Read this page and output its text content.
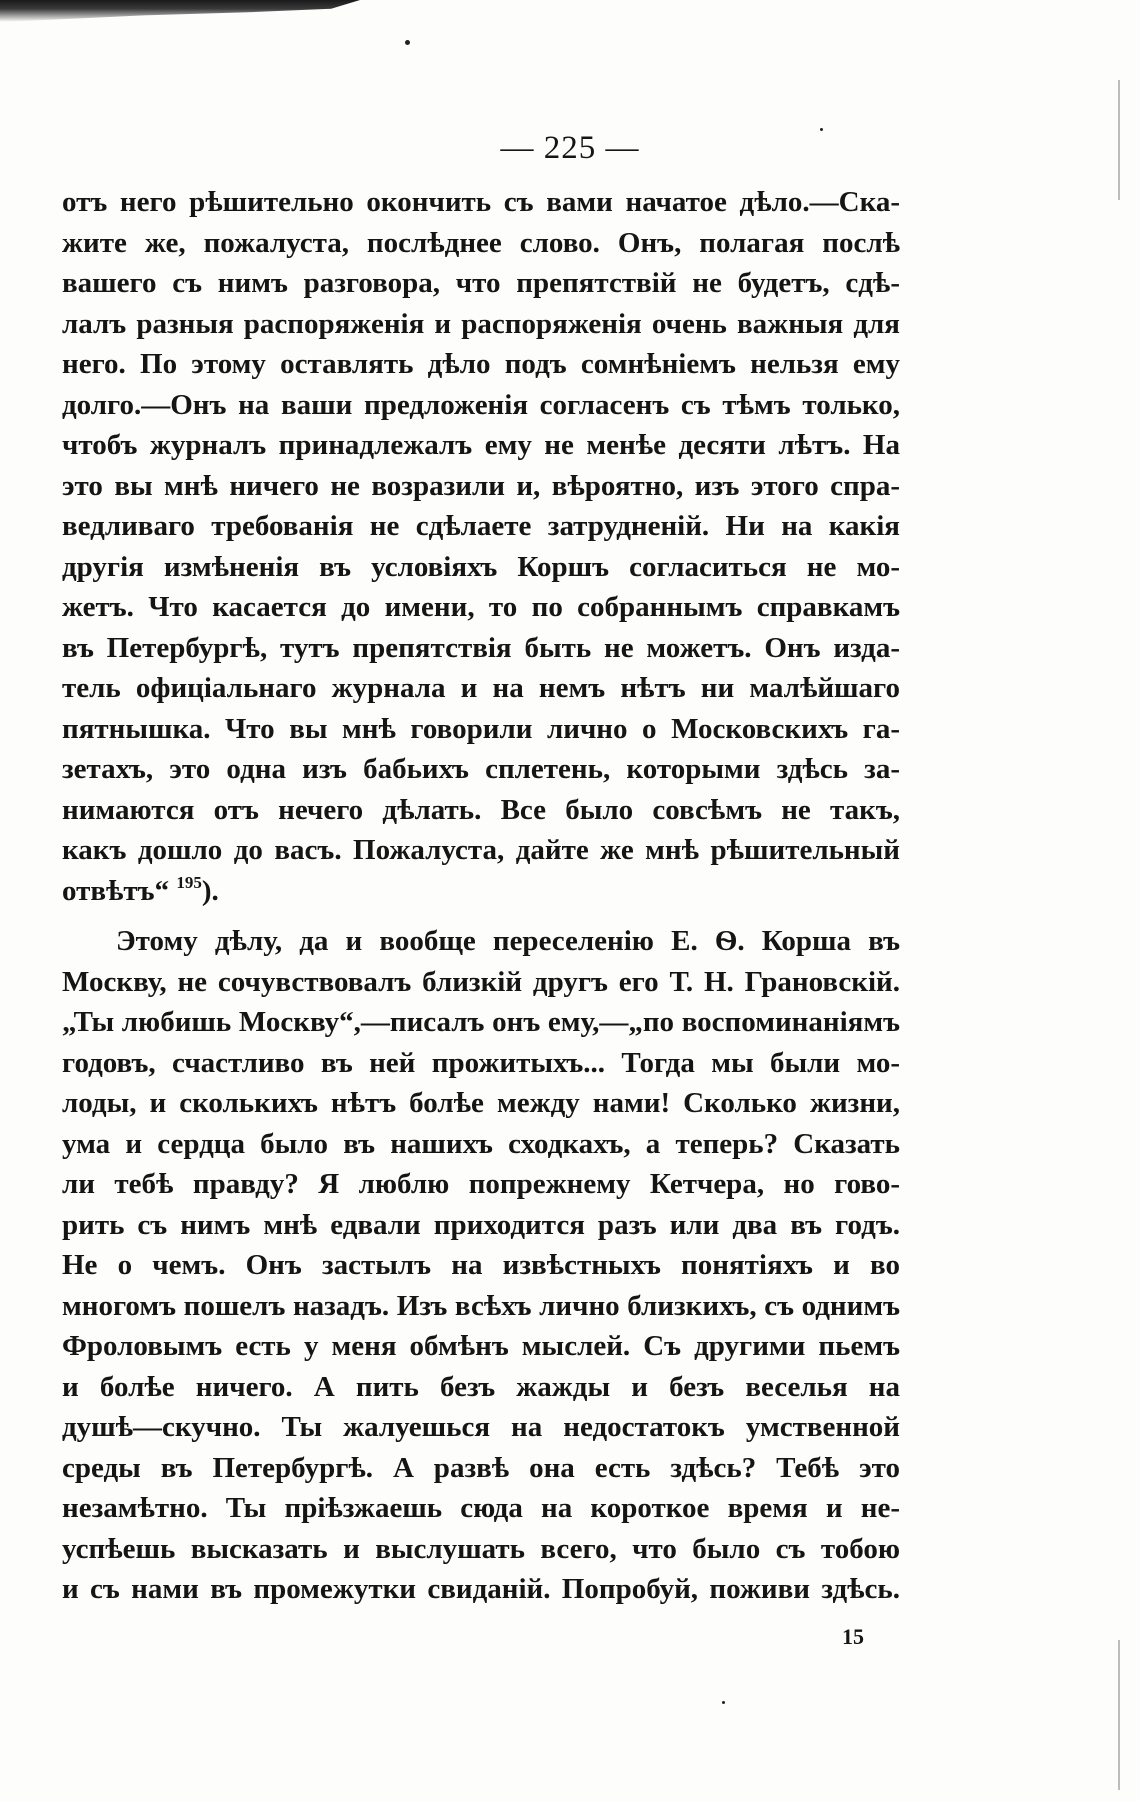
— 225 —
отъ него рѣшительно окончить съ вами начатое дѣло.—Ска-
жите же, пожалуста, послѣднее слово. Онъ, полагая послѣ
вашего съ нимъ разговора, что препятствій не будетъ, сдѣ-
лалъ разныя распоряженія и распоряженія очень важныя для
него. По этому оставлять дѣло подъ сомнѣніемъ нельзя ему
долго.—Онъ на ваши предложенія согласенъ съ тѣмъ только,
чтобъ журналъ принадлежалъ ему не менѣе десяти лѣтъ. На
это вы мнѣ ничего не возразили и, вѣроятно, изъ этого спра-
ведливаго требованія не сдѣлаете затрудненій. Ни на какія
другія измѣненія въ условіяхъ Коршъ согласиться не мо-
жетъ. Что касается до имени, то по собраннымъ справкамъ
въ Петербургѣ, тутъ препятствія быть не можетъ. Онъ изда-
тель офиціальнаго журнала и на немъ нѣтъ ни малѣйшаго
пятнышка. Что вы мнѣ говорили лично о Московскихъ га-
зетахъ, это одна изъ бабьихъ сплетень, которыми здѣсь за-
нимаются отъ нечего дѣлать. Все было совсѣмъ не такъ,
какъ дошло до васъ. Пожалуста, дайте же мнѣ рѣшительный
отвѣтъ“ $^{195}$).
Этому дѣлу, да и вообще переселенію Е. Ѳ. Корша въ
Москву, не сочувствовалъ близкій другъ его Т. Н. Грановскій.
„Ты любишь Москву“,—писалъ онъ ему,—„по воспоминаніямъ
годовъ, счастливо въ ней прожитыхъ... Тогда мы были мо-
лоды, и сколькихъ нѣтъ болѣе между нами! Сколько жизни,
ума и сердца было въ нашихъ сходкахъ, а теперь? Сказать
ли тебѣ правду? Я люблю попрежнему Кетчера, но гово-
рить съ нимъ мнѣ едвали приходится разъ или два въ годъ.
Не о чемъ. Онъ застылъ на извѣстныхъ понятіяхъ и во
многомъ пошелъ назадъ. Изъ всѣхъ лично близкихъ, съ однимъ
Фроловымъ есть у меня обмѣнъ мыслей. Съ другими пьемъ
и болѣе ничего. А пить безъ жажды и безъ веселья на
душѣ—скучно. Ты жалуешься на недостатокъ умственной
среды въ Петербургѣ. А развѣ она есть здѣсь? Тебѣ это
незамѣтно. Ты пріѣзжаешь сюда на короткое время и не-
успѣешь высказать и выслушать всего, что было съ тобою
и съ нами въ промежутки свиданій. Попробуй, поживи здѣсь.
15
